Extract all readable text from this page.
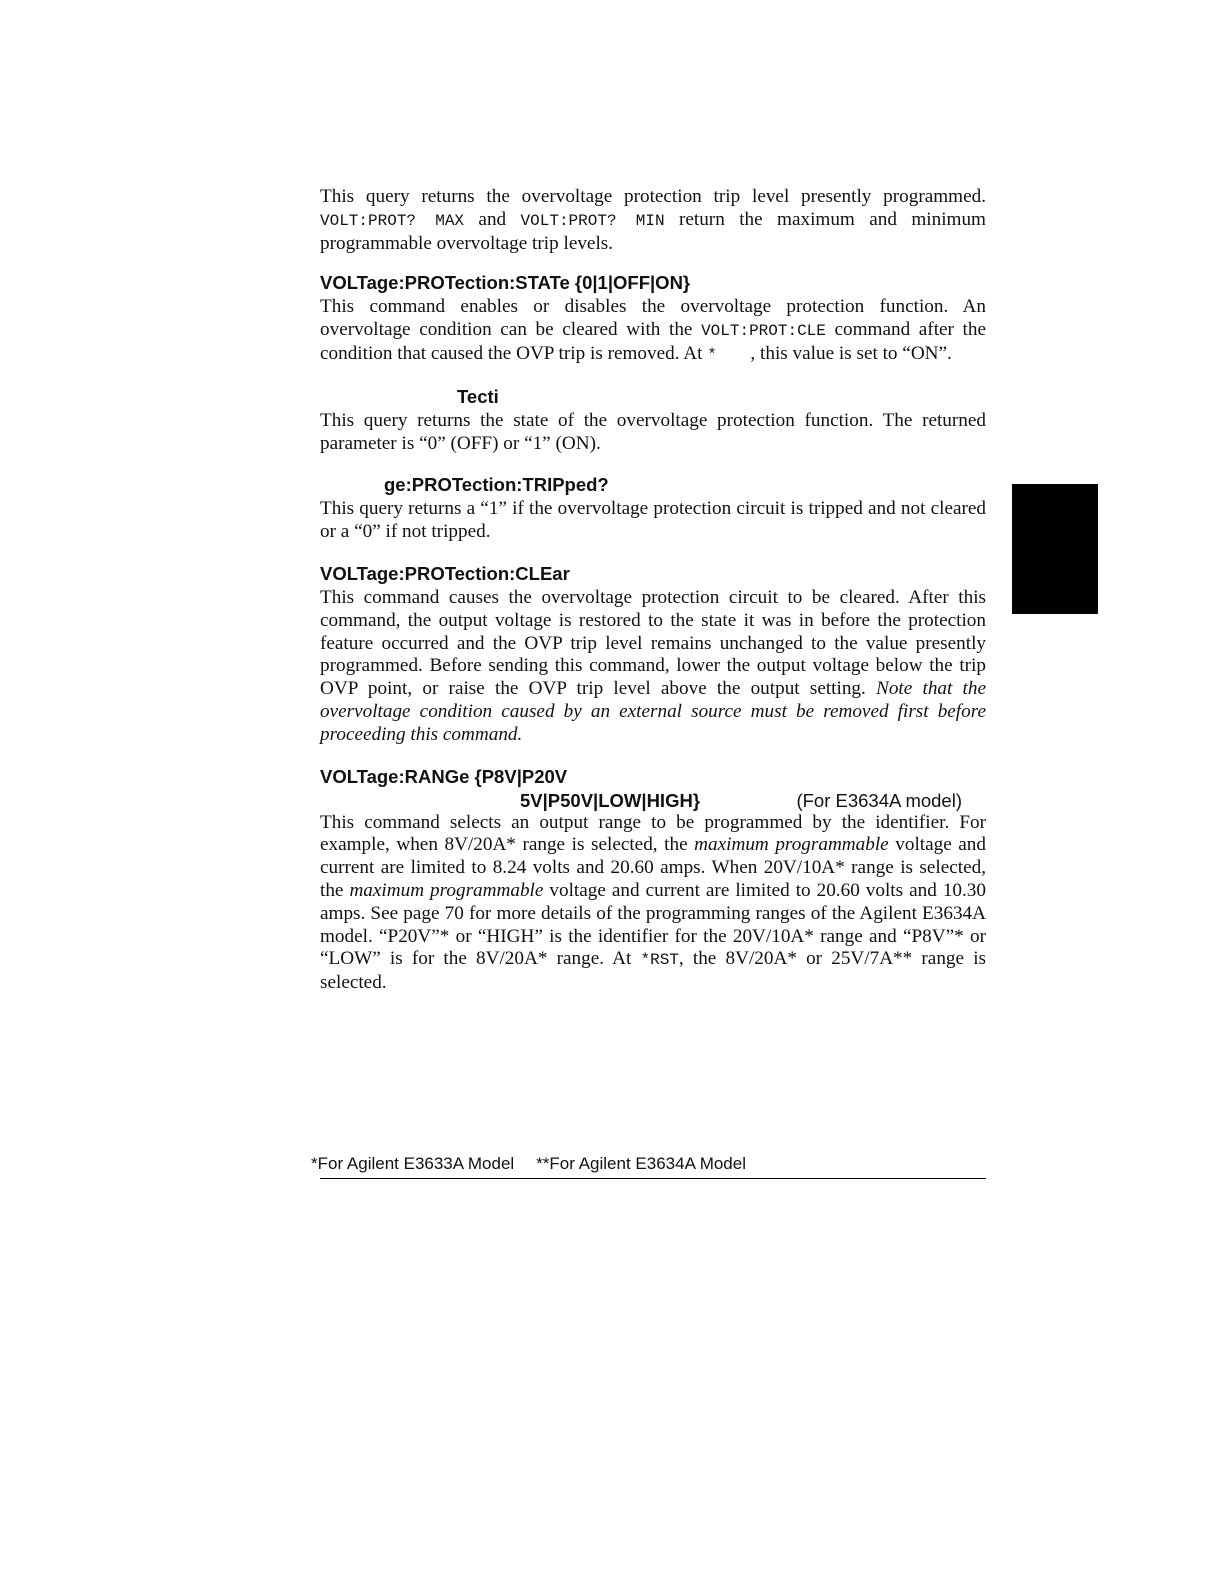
This query returns the overvoltage protection trip level presently programmed. VOLT:PROT? MAX and VOLT:PROT? MIN return the maximum and minimum programmable overvoltage trip levels.

VOLTage:PROTection:STATe {0|1|OFF|ON}

This command enables or disables the overvoltage protection function. An overvoltage condition can be cleared with the VOLT:PROT:CLE command after the condition that caused the OVP trip is removed. At *       , this value is set to “ON”.

Tecti

This query returns the state of the overvoltage protection function. The returned parameter is “0” (OFF) or “1” (ON).

ge:PROTection:TRIPped?

This query returns a “1” if the overvoltage protection circuit is tripped and not cleared or a “0” if not tripped.

VOLTage:PROTection:CLEar

This command causes the overvoltage protection circuit to be cleared. After this command, the output voltage is restored to the state it was in before the protection feature occurred and the OVP trip level remains unchanged to the value presently programmed. Before sending this command, lower the output voltage below the trip OVP point, or raise the OVP trip level above the output setting. Note that the overvoltage condition caused by an external source must be removed first before proceeding this command.

VOLTage:RANGe {P8V|P20V
5V|P50V|LOW|HIGH}	(For E3634A model)

This command selects an output range to be programmed by the identifier. For example, when 8V/20A* range is selected, the maximum programmable voltage and current are limited to 8.24 volts and 20.60 amps. When 20V/10A* range is selected, the maximum programmable voltage and current are limited to 20.60 volts and 10.30 amps. See page 70 for more details of the programming ranges of the Agilent E3634A model. “P20V”* or “HIGH” is the identifier for the 20V/10A* range and “P8V”* or “LOW” is for the 8V/20A* range. At *RST, the 8V/20A* or 25V/7A** range is selected.

*For Agilent E3633A Model **For Agilent E3634A Model
